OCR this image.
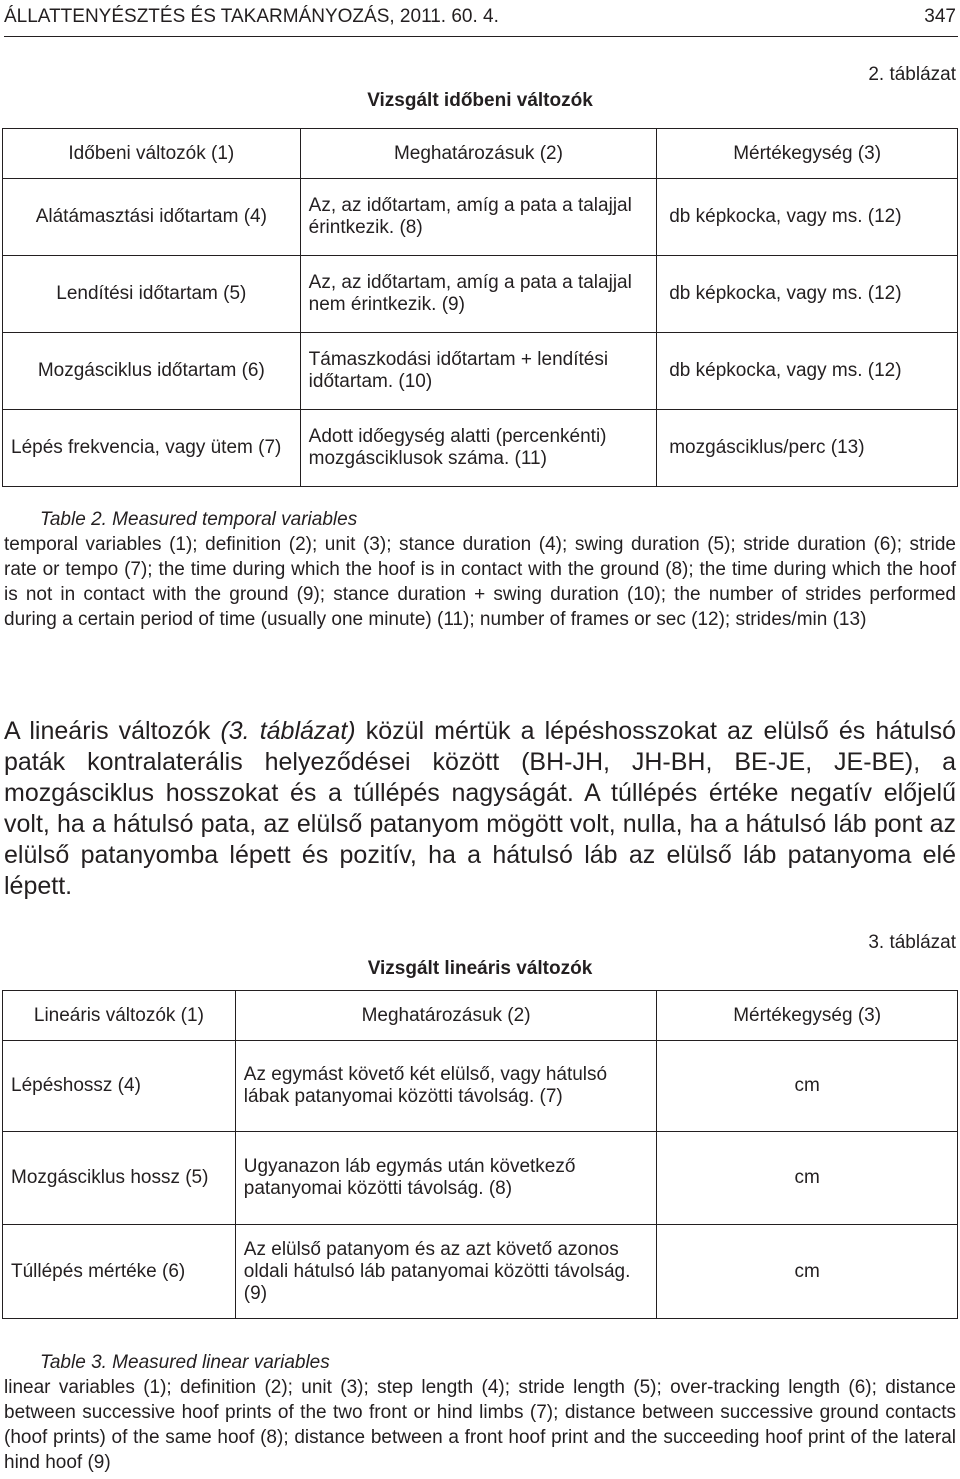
ÁLLATTENYÉSZTÉS ÉS TAKARMÁNYOZÁS, 2011. 60. 4.	347
2. táblázat
Vizsgált időbeni változók
Időbeni változók (1)	Meghatározásuk (2)	Mértékegység (3)
Alátámasztási időtartam (4)	Az, az időtartam, amíg a pata a talajjal érintkezik. (8)	db képkocka, vagy ms. (12)
Lendítési időtartam (5)	Az, az időtartam, amíg a pata a talajjal nem érintkezik. (9)	db képkocka, vagy ms. (12)
Mozgásciklus időtartam (6)	Támaszkodási időtartam + lendítési időtartam. (10)	db képkocka, vagy ms. (12)
Lépés frekvencia, vagy ütem (7)	Adott időegység alatti (percenkénti) mozgásciklusok száma. (11)	mozgásciklus/perc (13)
Table 2. Measured temporal variables
temporal variables (1); definition (2); unit (3); stance duration (4); swing duration (5); stride duration (6); stride rate or tempo (7); the time during which the hoof is in contact with the ground (8); the time during which the hoof is not in contact with the ground (9); stance duration + swing duration (10); the number of strides performed during a certain period of time (usually one minute) (11); number of frames or sec (12); strides/min (13)
A lineáris változók (3. táblázat) közül mértük a lépéshosszokat az elülső és hátulsó paták kontralaterális helyeződései között (BH-JH, JH-BH, BE-JE, JE-BE), a mozgásciklus hosszokat és a túllépés nagyságát. A túllépés értéke negatív előjelű volt, ha a hátulsó pata, az elülső patanyom mögött volt, nulla, ha a hátulsó láb pont az elülső patanyomba lépett és pozitív, ha a hátulsó láb az elülső láb patanyoma elé lépett.
3. táblázat
Vizsgált lineáris változók
Lineáris változók (1)	Meghatározásuk (2)	Mértékegység (3)
Lépéshossz (4)	Az egymást követő két elülső, vagy hátulsó lábak patanyomai közötti távolság. (7)	cm
Mozgásciklus hossz (5)	Ugyanazon láb egymás után következő patanyomai közötti távolság. (8)	cm
Túllépés mértéke (6)	Az elülső patanyom és az azt követő azonos oldali hátulsó láb patanyomai közötti távolság. (9)	cm
Table 3. Measured linear variables
linear variables (1); definition (2); unit (3); step length (4); stride length (5); over-tracking length (6); distance between successive hoof prints of the two front or hind limbs (7); distance between successive ground contacts (hoof prints) of the same hoof (8); distance between a front hoof print and the succeeding hoof print of the lateral hind hoof (9)
